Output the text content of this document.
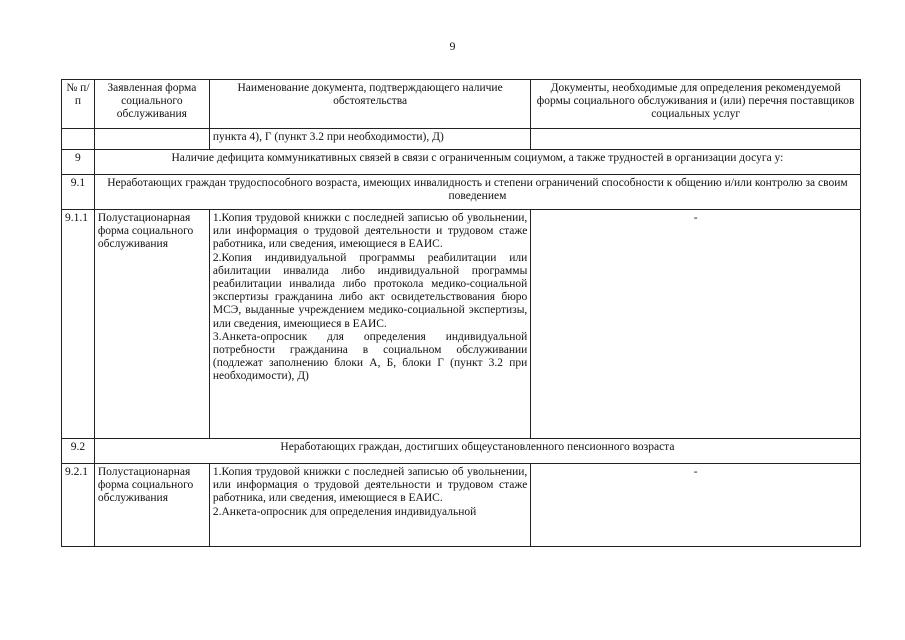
9
№ п/п	Заявленная форма социального обслуживания	Наименование документа, подтверждающего наличие обстоятельства	Документы, необходимые для определения рекомендуемой формы социального обслуживания и (или) перечня поставщиков социальных услуг
		пункта 4), Г (пункт 3.2 при необходимости), Д)	
9	Наличие дефицита коммуникативных связей в связи с ограниченным социумом, а также трудностей в организации досуга у:		
9.1	Неработающих граждан трудоспособного возраста, имеющих инвалидность и степени ограничений способности к общению и/или контролю за своим поведением		
9.1.1	Полустационарная форма социального обслуживания	1.Копия трудовой книжки с последней записью об увольнении, или информация о трудовой деятельности и трудовом стаже работника, или сведения, имеющиеся в ЕАИС.

2.Копия индивидуальной программы реабилитации или абилитации инвалида либо индивидуальной программы реабилитации инвалида либо протокола медико-социальной экспертизы гражданина либо акт освидетельствования бюро МСЭ, выданные учреждением медико-социальной экспертизы, или сведения, имеющиеся в ЕАИС.

3.Анкета-опросник для определения индивидуальной потребности гражданина в социальном обслуживании (подлежат заполнению блоки А, Б, блоки Г (пункт 3.2 при необходимости), Д)	-
9.2	Неработающих граждан, достигших общеустановленного пенсионного возраста		
9.2.1	Полустационарная форма социального обслуживания	1.Копия трудовой книжки с последней записью об увольнении, или информация о трудовой деятельности и трудовом стаже работника, или сведения, имеющиеся в ЕАИС.

2.Анкета-опросник для определения индивидуальной	-
